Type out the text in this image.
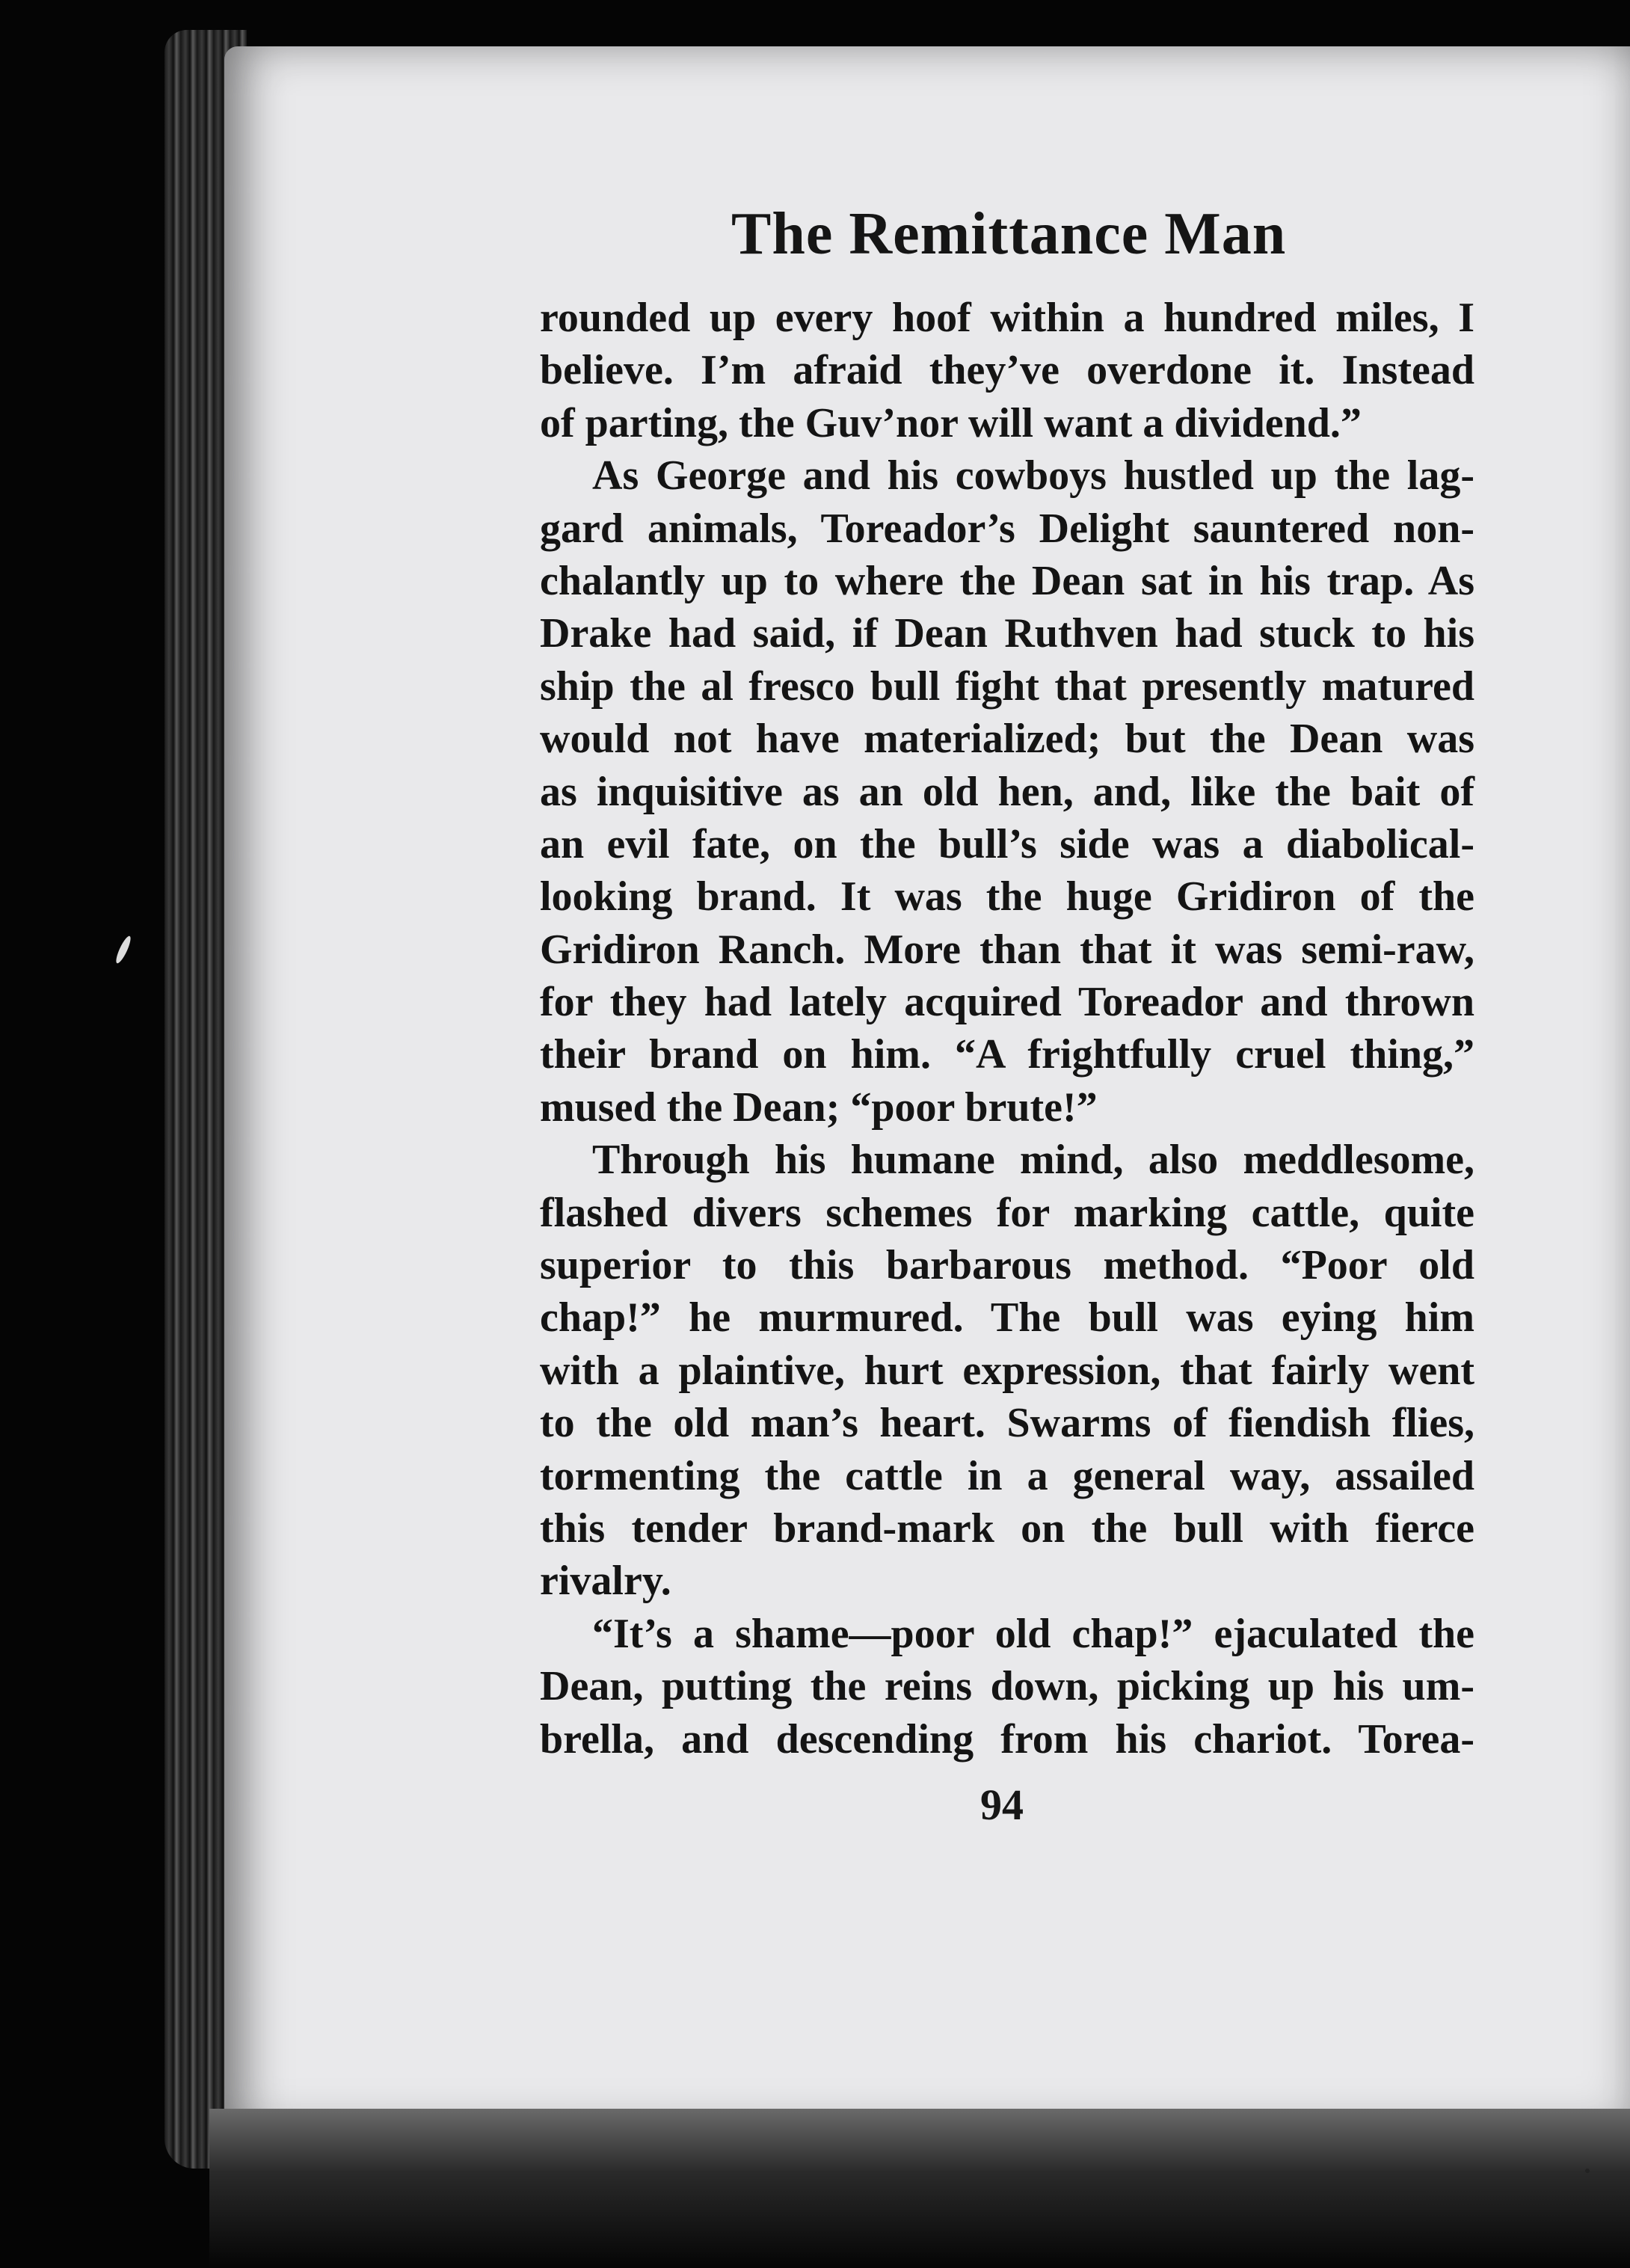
The Remittance Man
rounded up every hoof within a hundred miles, I
believe. I’m afraid they’ve overdone it. Instead
of parting, the Guv’nor will want a dividend.”
As George and his cowboys hustled up the lag-
gard animals, Toreador’s Delight sauntered non-
chalantly up to where the Dean sat in his trap. As
Drake had said, if Dean Ruthven had stuck to his
ship the al fresco bull fight that presently matured
would not have materialized; but the Dean was
as inquisitive as an old hen, and, like the bait of
an evil fate, on the bull’s side was a diabolical-
looking brand. It was the huge Gridiron of the
Gridiron Ranch. More than that it was semi-raw,
for they had lately acquired Toreador and thrown
their brand on him. “A frightfully cruel thing,”
mused the Dean; “poor brute!”
Through his humane mind, also meddlesome,
flashed divers schemes for marking cattle, quite
superior to this barbarous method. “Poor old
chap!” he murmured. The bull was eying him
with a plaintive, hurt expression, that fairly went
to the old man’s heart. Swarms of fiendish flies,
tormenting the cattle in a general way, assailed
this tender brand-mark on the bull with fierce
rivalry.
“It’s a shame—poor old chap!” ejaculated the
Dean, putting the reins down, picking up his um-
brella, and descending from his chariot. Torea-
94
